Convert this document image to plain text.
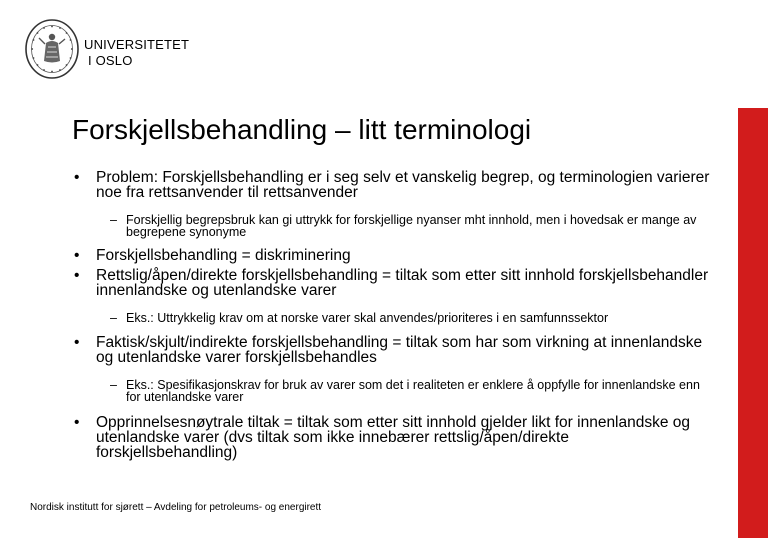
UNIVERSITETET
I OSLO
Forskjellsbehandling – litt terminologi
• Problem: Forskjellsbehandling er i seg selv et vanskelig begrep, og terminologien varierer noe fra rettsanvender til rettsanvender
– Forskjellig begrepsbruk kan gi uttrykk for forskjellige nyanser mht innhold, men i hovedsak er mange av begrepene synonyme
• Forskjellsbehandling = diskriminering
• Rettslig/åpen/direkte forskjellsbehandling = tiltak som etter sitt innhold forskjellsbehandler innenlandske og utenlandske varer
– Eks.: Uttrykkelig krav om at norske varer skal anvendes/prioriteres i en samfunnssektor
• Faktisk/skjult/indirekte forskjellsbehandling = tiltak som har som virkning at innenlandske og utenlandske varer forskjellsbehandles
– Eks.: Spesifikasjonskrav for bruk av varer som det i realiteten er enklere å oppfylle for innenlandske enn for utenlandske varer
• Opprinnelsesnøytrale tiltak = tiltak som etter sitt innhold gjelder likt for innenlandske og utenlandske varer (dvs tiltak som ikke innebærer rettslig/åpen/direkte forskjellsbehandling)
Nordisk institutt for sjørett – Avdeling for petroleums- og energirett
